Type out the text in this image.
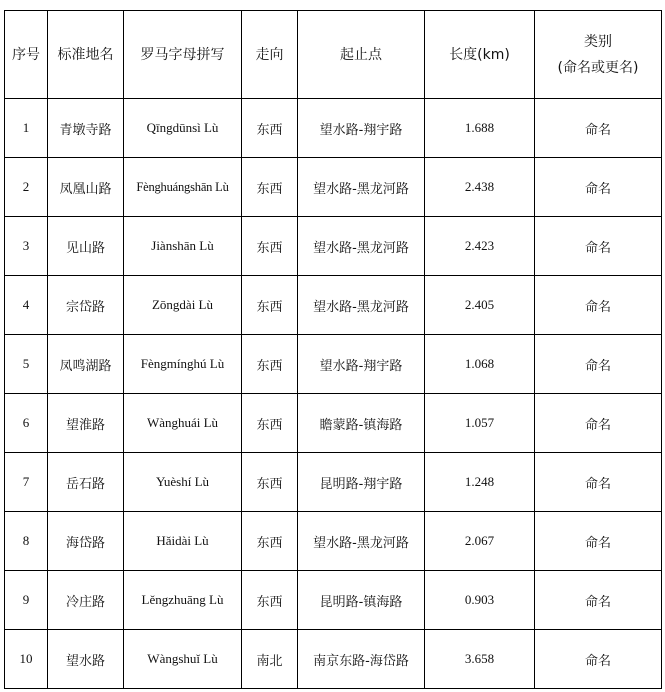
序号	标准地名	罗马字母拼写	走向	起止点	长度(km)	类别
(命名或更名)

1	青墩寺路	Qīngdūnsì Lù	东西	望水路-翔宇路	1.688	命名
2	凤凰山路	Fènghuángshān Lù	东西	望水路-黑龙河路	2.438	命名
3	见山路	Jiànshān Lù	东西	望水路-黑龙河路	2.423	命名
4	宗岱路	Zōngdài Lù	东西	望水路-黑龙河路	2.405	命名
5	凤鸣湖路	Fèngmínghú Lù	东西	望水路-翔宇路	1.068	命名
6	望淮路	Wànghuái Lù	东西	瞻蒙路-镇海路	1.057	命名
7	岳石路	Yuèshí Lù	东西	昆明路-翔宇路	1.248	命名
8	海岱路	Hǎidài Lù	东西	望水路-黑龙河路	2.067	命名
9	冷庄路	Lěngzhuāng Lù	东西	昆明路-镇海路	0.903	命名
10	望水路	Wàngshuǐ Lù	南北	南京东路-海岱路	3.658	命名
